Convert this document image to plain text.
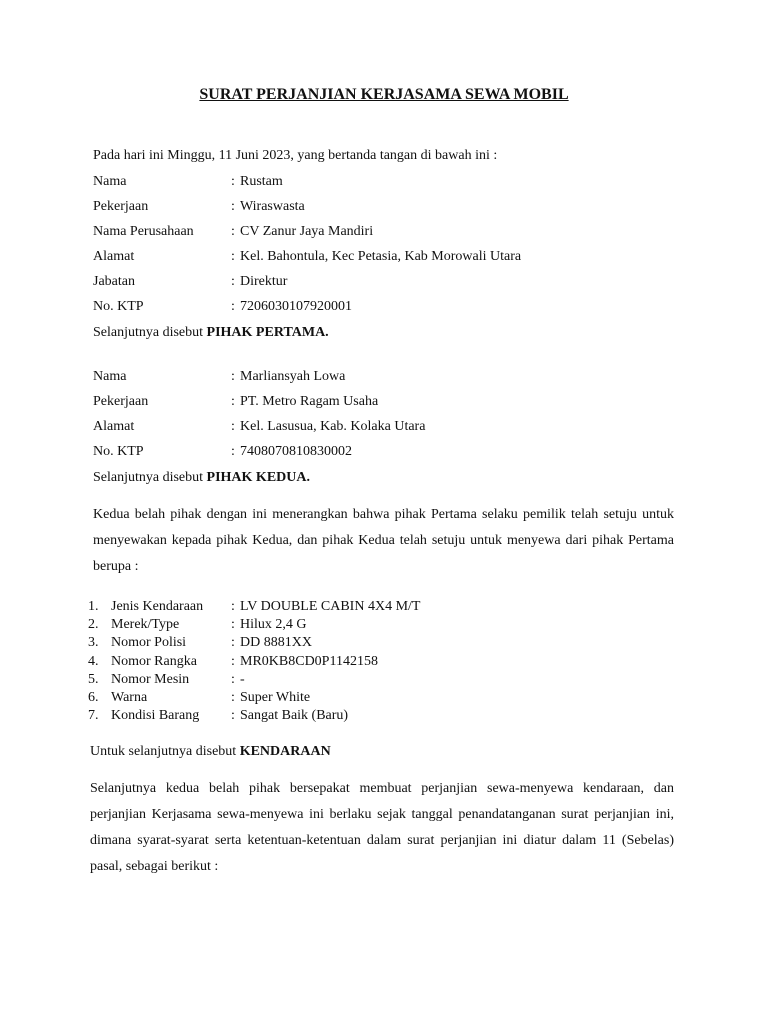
SURAT PERJANJIAN KERJASAMA SEWA MOBIL
Pada hari ini Minggu, 11 Juni 2023, yang bertanda tangan di bawah ini :
Nama	: Rustam
Pekerjaan	: Wiraswasta
Nama Perusahaan	: CV Zanur Jaya Mandiri
Alamat	: Kel. Bahontula, Kec Petasia, Kab Morowali Utara
Jabatan	: Direktur
No. KTP	: 7206030107920001
Selanjutnya disebut PIHAK PERTAMA.
Nama	: Marliansyah Lowa
Pekerjaan	: PT. Metro Ragam Usaha
Alamat	: Kel. Lasusua, Kab. Kolaka Utara
No. KTP	: 7408070810830002
Selanjutnya disebut PIHAK KEDUA.
Kedua belah pihak dengan ini menerangkan bahwa pihak Pertama selaku pemilik telah setuju untuk menyewakan kepada pihak Kedua, dan pihak Kedua telah setuju untuk menyewa dari pihak Pertama berupa :
1. Jenis Kendaraan : LV DOUBLE CABIN 4X4 M/T
2. Merek/Type	: Hilux 2,4 G
3. Nomor Polisi	: DD 8881XX
4. Nomor Rangka : MR0KB8CD0P1142158
5. Nomor Mesin	: -
6. Warna	: Super White
7. Kondisi Barang : Sangat Baik (Baru)
Untuk selanjutnya disebut KENDARAAN
Selanjutnya kedua belah pihak bersepakat membuat perjanjian sewa-menyewa kendaraan, dan perjanjian Kerjasama sewa-menyewa ini berlaku sejak tanggal penandatanganan surat perjanjian ini, dimana syarat-syarat serta ketentuan-ketentuan dalam surat perjanjian ini diatur dalam 11 (Sebelas) pasal, sebagai berikut :
